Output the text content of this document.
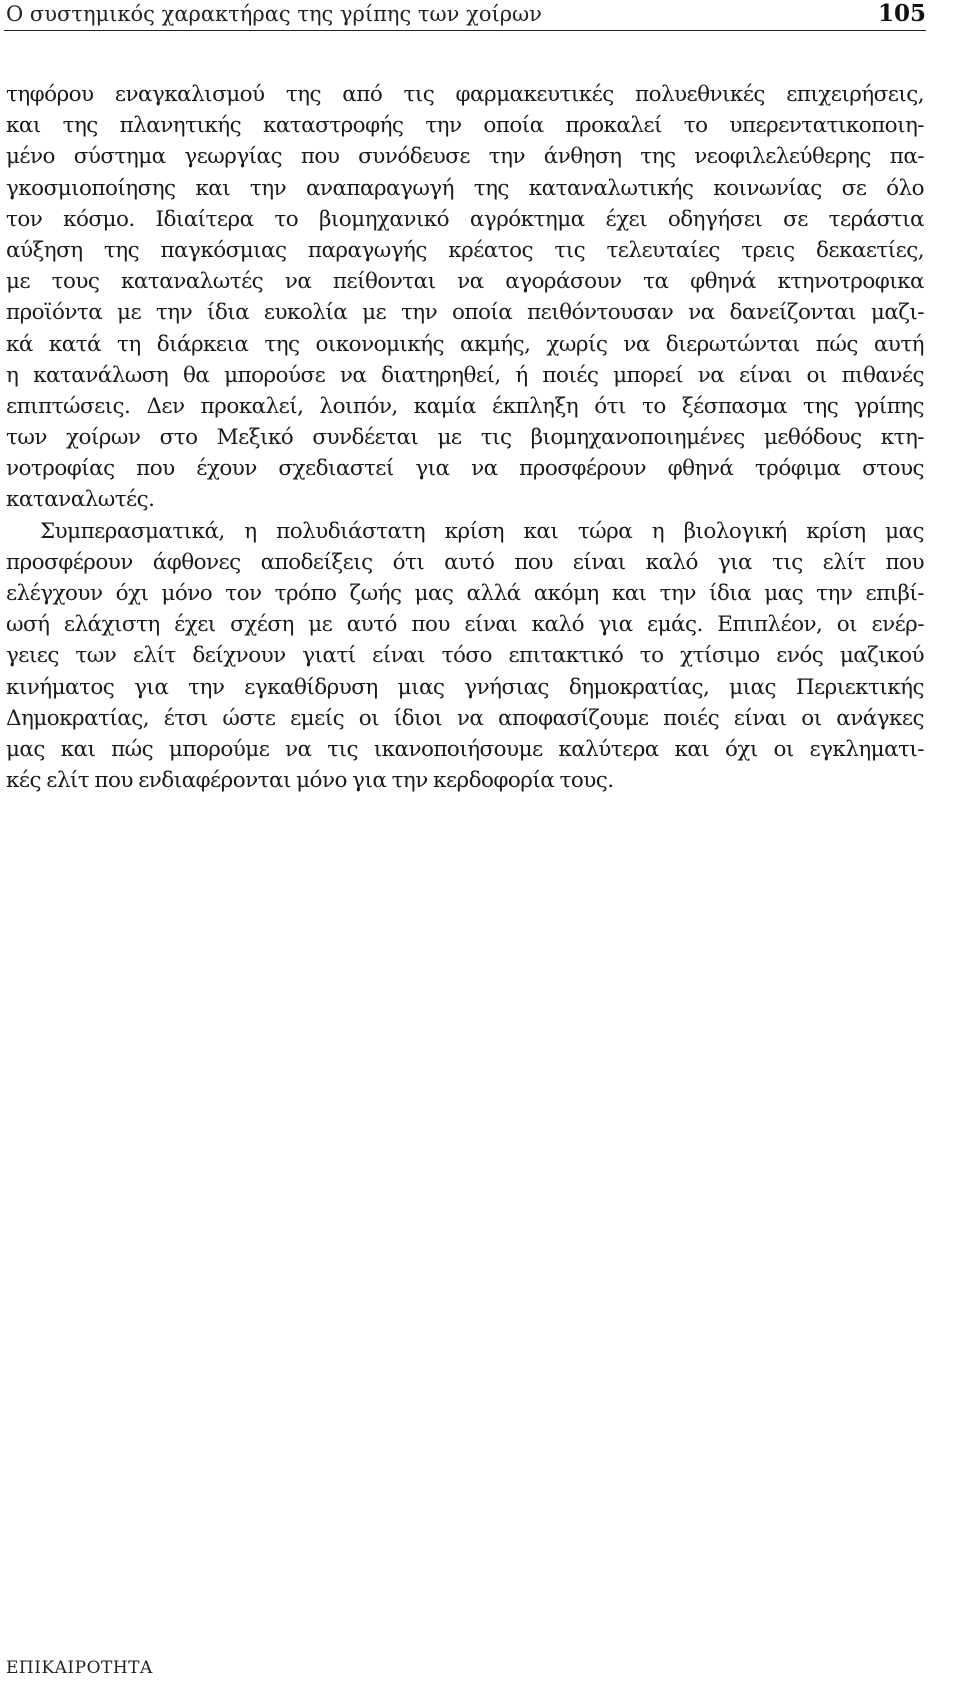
Ο συστημικός χαρακτήρας της γρίπης των χοίρων	105
τηφόρου εναγκαλισμού της από τις φαρμακευτικές πολυεθνικές επιχειρήσεις,
και της πλανητικής καταστροφής την οποία προκαλεί το υπερεντατικοποιη-
μένο σύστημα γεωργίας που συνόδευσε την άνθηση της νεοφιλελεύθερης πα-
γκοσμιοποίησης και την αναπαραγωγή της καταναλωτικής κοινωνίας σε όλο
τον κόσμο. Ιδιαίτερα το βιομηχανικό αγρόκτημα έχει οδηγήσει σε τεράστια
αύξηση της παγκόσμιας παραγωγής κρέατος τις τελευταίες τρεις δεκαετίες,
με τους καταναλωτές να πείθονται να αγοράσουν τα φθηνά κτηνοτροφικα
προϊόντα με την ίδια ευκολία με την οποία πειθόντουσαν να δανείζονται μαζι-
κά κατά τη διάρκεια της οικονομικής ακμής, χωρίς να διερωτώνται πώς αυτή
η κατανάλωση θα μπορούσε να διατηρηθεί, ή ποιές μπορεί να είναι οι πιθανές
επιπτώσεις. Δεν προκαλεί, λοιπόν, καμία έκπληξη ότι το ξέσπασμα της γρίπης
των χοίρων στο Μεξικό συνδέεται με τις βιομηχανοποιημένες μεθόδους κτη-
νοτροφίας που έχουν σχεδιαστεί για να προσφέρουν φθηνά τρόφιμα στους
καταναλωτές.
Συμπερασματικά, η πολυδιάστατη κρίση και τώρα η βιολογική κρίση μας
προσφέρουν άφθονες αποδείξεις ότι αυτό που είναι καλό για τις ελίτ που
ελέγχουν όχι μόνο τον τρόπο ζωής μας αλλά ακόμη και την ίδια μας την επιβί-
ωσή ελάχιστη έχει σχέση με αυτό που είναι καλό για εμάς. Επιπλέον, οι ενέρ-
γειες των ελίτ δείχνουν γιατί είναι τόσο επιτακτικό το χτίσιμο ενός μαζικού
κινήματος για την εγκαθίδρυση μιας γνήσιας δημοκρατίας, μιας Περιεκτικής
Δημοκρατίας, έτσι ώστε εμείς οι ίδιοι να αποφασίζουμε ποιές είναι οι ανάγκες
μας και πώς μπορούμε να τις ικανοποιήσουμε καλύτερα και όχι οι εγκληματι-
κές ελίτ που ενδιαφέρονται μόνο για την κερδοφορία τους.
ΕΠΙΚΑΙΡΟΤΗΤΑ
